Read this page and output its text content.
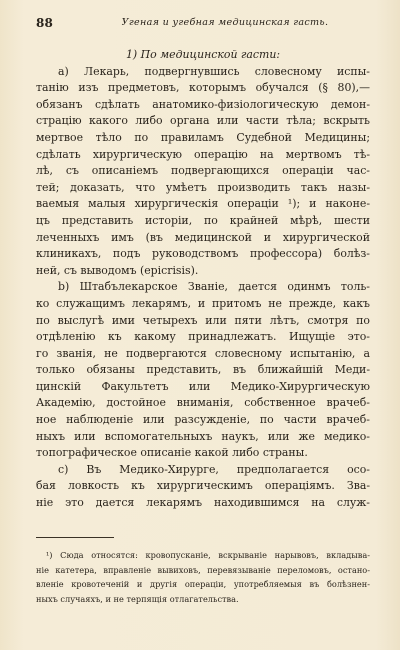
88	Угеная и угебная медицинская гасть.
1) По медицинской гасти:
а) Лекарь, подвергнувшись словесному испы-
танію изъ предметовъ, которымъ обучался (§ 80),—
обязанъ сдѣлать анатомико-физіологическую демон-
страцію какого либо органа или части тѣла; вскрыть
мертвое тѣло по правиламъ Судебной Медицины;
сдѣлать хирургическую операцію на мертвомъ тѣ-
лѣ, съ описаніемъ подвергающихся операціи час-
тей; доказать, что умѣетъ производить такъ назы-
ваемыя малыя хирургическія операціи ¹); и наконе-
цъ представить исторіи, по крайней мѣрѣ, шести
леченныхъ имъ (въ медицинской и хирургической
клиникахъ, подъ руководствомъ профессора) болѣз-
ней, съ выводомъ (epicrisis).
b) Штабълекарское Званіе, дается одинмъ толь-
ко служащимъ лекарямъ, и притомъ не прежде, какъ
по выслугѣ ими четырехъ или пяти лѣтъ, смотря по
отдѣленію къ какому принадлежатъ. Ищущіе это-
го званія, не подвергаются словесному испытанію, а
только обязаны представить, въ ближайшій Меди-
цинскій Факультетъ или Медико-Хирургическую
Академію, достойное вниманія, собственное врачеб-
ное наблюденіе или разсужденіе, по части врачеб-
ныхъ или вспомогательныхъ наукъ, или же медико-
топографическое описаніе какой либо страны.
c) Въ Медико-Хирурге, предполагается осо-
бая ловкость къ хирургическимъ операціямъ. Зва-
ніе это дается лекарямъ находившимся на служ-
¹) Сюда относятся: кровопусканіе, вскрываніе нарывовъ, вкладыва-
ніе катетера, вправленіе вывиховъ, перевязываніе переломовъ, остано-
вленіе кровотеченій и другія операціи, употребляемыя въ болѣзнен-
ныхъ случаяхъ, и не терпящія отлагательства.
